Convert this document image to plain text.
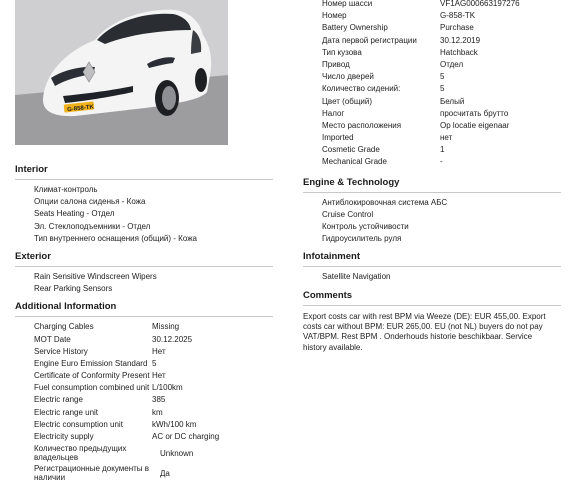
G-858-TK
Номер шасси	VF1AG000663197276
Номер	G-858-TK
Battery Ownership	Purchase
Дата первой регистрации	30.12.2019
Тип кузова	Hatchback
Привод	Отдел
Число дверей	5
Количество сидений:	5
Цвет (общий)	Белый
Налог	просчитать брутто
Место расположения	Op locatie eigenaar
Imported	нет
Cosmetic Grade	1
Mechanical Grade	-
Engine & Technology
Антиблокировочная система АБС
Cruise Control
Контроль устойчивости
Гидроусилитель руля
Infotainment
Satellite Navigation
Comments
Export costs car with rest BPM via Weeze (DE): EUR 455,00. Export costs car without BPM: EUR 265,00. EU (not NL) buyers do not pay VAT/BPM. Rest BPM . Onderhouds historie beschikbaar. Service history available.
Interior
Климат-контроль
Опции салона сиденья - Кожа
Seats Heating - Отдел
Эл. Стеклоподъемники - Отдел
Тип внутреннего оснащения (общий) - Кожа
Exterior
Rain Sensitive Windscreen Wipers
Rear Parking Sensors
Additional Information
Charging Cables	Missing
MOT Date	30.12.2025
Service History	Нет
Engine Euro Emission Standard 5
Certificate of Conformity Present Нет
Fuel consumption combined unit L/100km
Electric range	385
Electric range unit	km
Electric consumption unit	kWh/100 km
Electricity supply	AC or DC charging
Количество предыдущих владельцев	Unknown
Регистрационные документы в наличии	Да
